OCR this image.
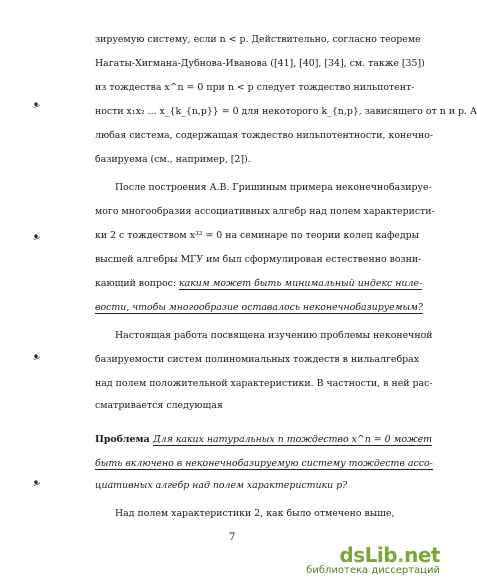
зируемую систему, если n < p. Действительно, согласно теореме
Нагаты-Хигмана-Дубнова-Иванова ([41], [40], [34], см. также [35])
из тождества x^n = 0 при n < p следует тождество нильпотент-
ности x₁x₂ ... x_{k_{n,p}} = 0 для некоторого k_{n,p}, зависящего от n и p. А
любая система, содержащая тождество нильпотентности, конечно-
базируема (см., например, [2]).
После построения А.В. Гришиным примера неконечнобазируе-
мого многообразия ассоциативных алгебр над полем характеристи-
ки 2 с тождеством x³² = 0 на семинаре по теории колец кафедры
высшей алгебры МГУ им был сформулирован естественно возни-
кающий вопрос: каким может быть минимальный индекс ниле-
вости, чтобы многообразие оставалось неконечнобазируемым?
Настоящая работа посвящена изучению проблемы неконечной
базируемости систем полиномиальных тождеств в нильалгебрах
над полем положительной характеристики. В частности, в ней рас-
сматривается следующая
Проблема Для каких натуральных n тождество x^n = 0 может
быть включено в неконечнобазируемую систему тождеств ассо-
циативных алгебр над полем характеристики p?
Над полем характеристики 2, как было отмечено выше,
7
ᴥ
ᴥ
ᴥ
ᴥ
dsLib.net
библиотека диссертаций
